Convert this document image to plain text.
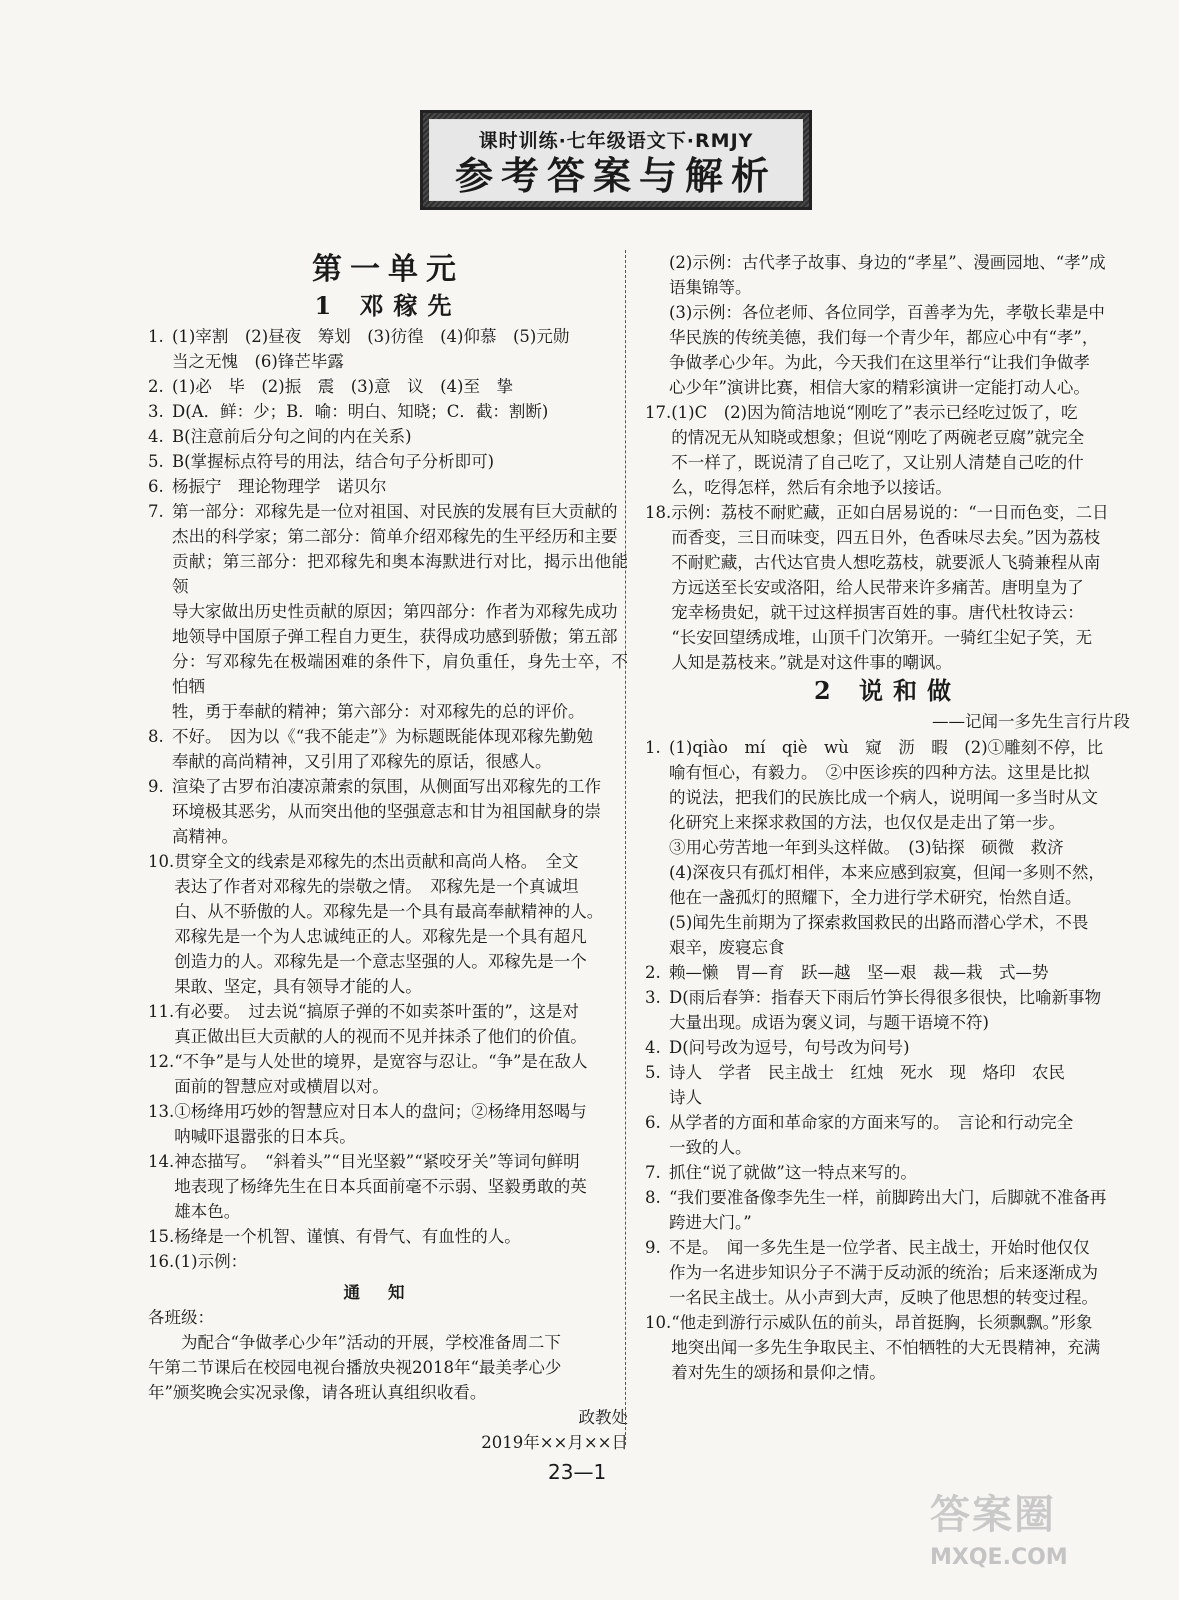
课时训练·七年级语文下·RMJY
参考答案与解析
第一单元
1 邓稼先
1. (1)宰割　(2)昼夜　筹划　(3)彷徨　(4)仰慕　(5)元勋
当之无愧　(6)锋芒毕露
2. (1)必　毕　(2)振　震　(3)意　议　(4)至　挚
3. D(A．鲜：少；B．喻：明白、知晓；C．截：割断)
4. B(注意前后分句之间的内在关系)
5. B(掌握标点符号的用法，结合句子分析即可)
6. 杨振宁　理论物理学　诺贝尔
7. 第一部分：邓稼先是一位对祖国、对民族的发展有巨大贡献的
杰出的科学家；第二部分：简单介绍邓稼先的生平经历和主要
贡献；第三部分：把邓稼先和奥本海默进行对比，揭示出他能领
导大家做出历史性贡献的原因；第四部分：作者为邓稼先成功
地领导中国原子弹工程自力更生，获得成功感到骄傲；第五部
分：写邓稼先在极端困难的条件下，肩负重任，身先士卒，不怕牺
牲，勇于奉献的精神；第六部分：对邓稼先的总的评价。
8. 不好。　因为以《“我不能走”》为标题既能体现邓稼先勤勉
奉献的高尚精神，又引用了邓稼先的原话，很感人。
9. 渲染了古罗布泊凄凉萧索的氛围，从侧面写出邓稼先的工作
环境极其恶劣，从而突出他的坚强意志和甘为祖国献身的崇
高精神。
10. 贯穿全文的线索是邓稼先的杰出贡献和高尚人格。　全文
表达了作者对邓稼先的崇敬之情。　邓稼先是一个真诚坦
白、从不骄傲的人。邓稼先是一个具有最高奉献精神的人。
邓稼先是一个为人忠诚纯正的人。邓稼先是一个具有超凡
创造力的人。邓稼先是一个意志坚强的人。邓稼先是一个
果敢、坚定，具有领导才能的人。
11. 有必要。　过去说“搞原子弹的不如卖茶叶蛋的”，这是对
真正做出巨大贡献的人的视而不见并抹杀了他们的价值。
12. “不争”是与人处世的境界，是宽容与忍让。“争”是在敌人
面前的智慧应对或横眉以对。
13. ①杨绛用巧妙的智慧应对日本人的盘问；②杨绛用怒喝与
呐喊吓退嚣张的日本兵。
14. 神态描写。　“斜着头”“目光坚毅”“紧咬牙关”等词句鲜明
地表现了杨绛先生在日本兵面前毫不示弱、坚毅勇敢的英
雄本色。
15. 杨绛是一个机智、谨慎、有骨气、有血性的人。
16. (1)示例：
通知
各班级：
为配合“争做孝心少年”活动的开展，学校准备周二下
午第二节课后在校园电视台播放央视2018年“最美孝心少
年”颁奖晚会实况录像，请各班认真组织收看。
政教处
2019年××月××日
(2)示例：古代孝子故事、身边的“孝星”、漫画园地、“孝”成
语集锦等。
(3)示例：各位老师、各位同学，百善孝为先，孝敬长辈是中
华民族的传统美德，我们每一个青少年，都应心中有“孝”，
争做孝心少年。为此，今天我们在这里举行“让我们争做孝
心少年”演讲比赛，相信大家的精彩演讲一定能打动人心。
17. (1)C　(2)因为简洁地说“刚吃了”表示已经吃过饭了，吃
的情况无从知晓或想象；但说“刚吃了两碗老豆腐”就完全
不一样了，既说清了自己吃了，又让别人清楚自己吃的什
么，吃得怎样，然后有余地予以接话。
18. 示例：荔枝不耐贮藏，正如白居易说的：“一日而色变，二日
而香变，三日而味变，四五日外，色香味尽去矣。”因为荔枝
不耐贮藏，古代达官贵人想吃荔枝，就要派人飞骑兼程从南
方远送至长安或洛阳，给人民带来许多痛苦。唐明皇为了
宠幸杨贵妃，就干过这样损害百姓的事。唐代杜牧诗云：
“长安回望绣成堆，山顶千门次第开。一骑红尘妃子笑，无
人知是荔枝来。”就是对这件事的嘲讽。
2 说和做
——记闻一多先生言行片段
1. (1)qiào　mí　qiè　wù　窥　沥　暇　(2)①雕刻不停，比
喻有恒心，有毅力。　②中医诊疾的四种方法。这里是比拟
的说法，把我们的民族比成一个病人，说明闻一多当时从文
化研究上来探求救国的方法，也仅仅是走出了第一步。
③用心劳苦地一年到头这样做。　(3)钻探　硕微　救济
(4)深夜只有孤灯相伴，本来应感到寂寞，但闻一多则不然，
他在一盏孤灯的照耀下，全力进行学术研究，怡然自适。
(5)闻先生前期为了探索救国救民的出路而潜心学术，不畏
艰辛，废寝忘食
2. 赖—懒　胃—育　跃—越　坚—艰　裁—栽　式—势
3. D(雨后春笋：指春天下雨后竹笋长得很多很快，比喻新事物
大量出现。成语为褒义词，与题干语境不符)
4. D(问号改为逗号，句号改为问号)
5. 诗人　学者　民主战士　红烛　死水　现　烙印　农民
诗人
6. 从学者的方面和革命家的方面来写的。　言论和行动完全
一致的人。
7. 抓住“说了就做”这一特点来写的。
8. “我们要准备像李先生一样，前脚跨出大门，后脚就不准备再
跨进大门。”
9. 不是。　闻一多先生是一位学者、民主战士，开始时他仅仅
作为一名进步知识分子不满于反动派的统治；后来逐渐成为
一名民主战士。从小声到大声，反映了他思想的转变过程。
10. “他走到游行示威队伍的前头，昂首挺胸，长须飘飘。”形象
地突出闻一多先生争取民主、不怕牺牲的大无畏精神，充满
着对先生的颂扬和景仰之情。
23—1
答案圈
MXQE.COM
